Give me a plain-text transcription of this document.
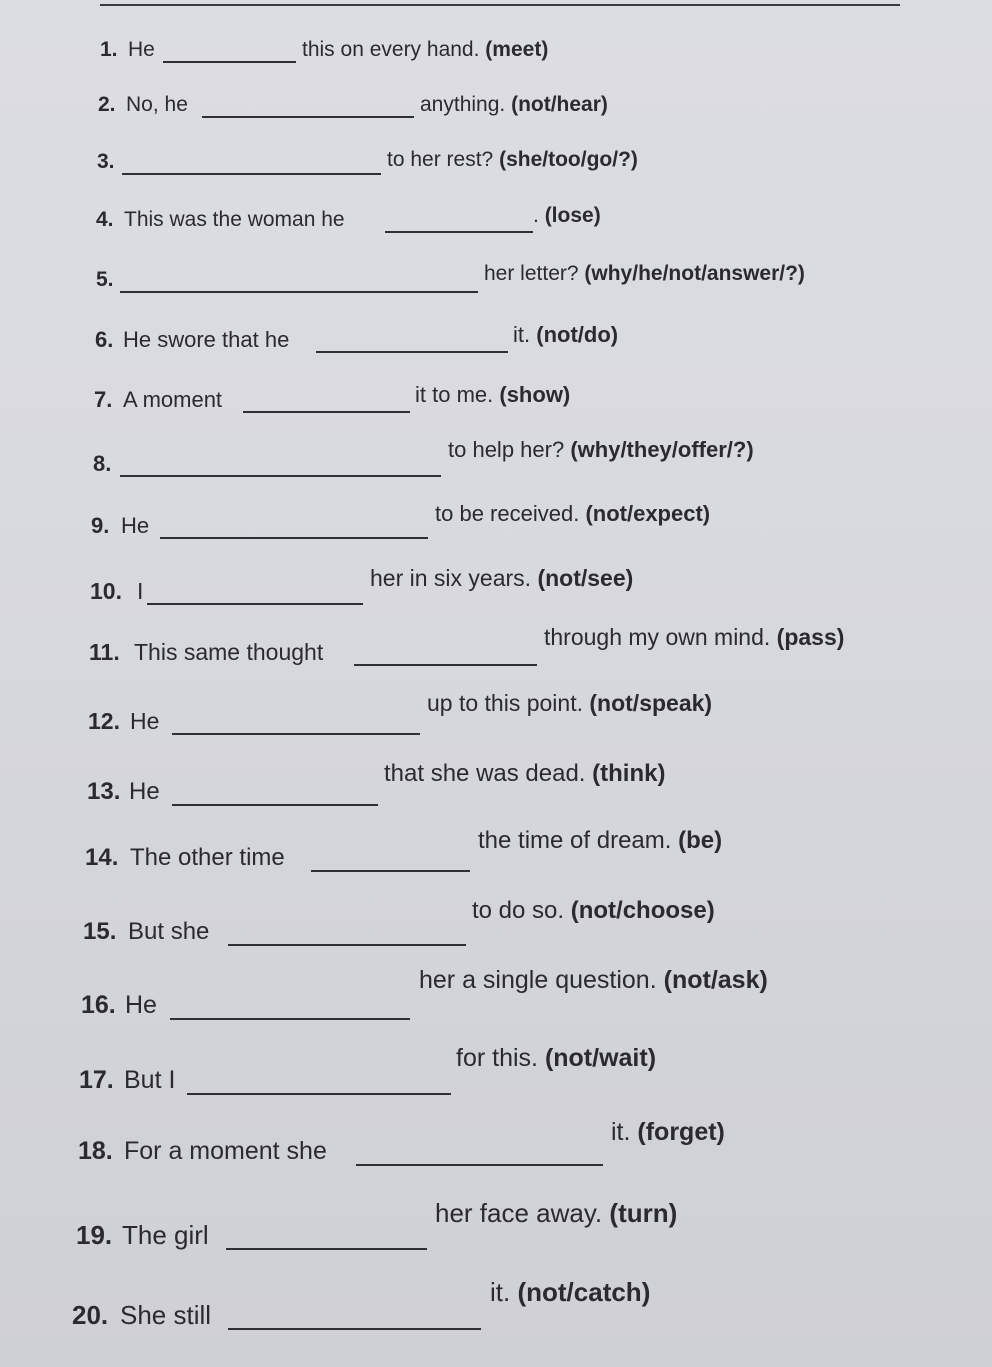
1. He	this on every hand. (meet)
2. No, he	anything. (not/hear)
3.	to her rest? (she/too/go/?)
4. This was the woman he	. (lose)
5.	her letter? (why/he/not/answer/?)
6. He swore that he	it. (not/do)
7. A moment	it to me. (show)
8.
to help her? (why/they/offer/?)
9. He	to be received. (not/expect)
10. I	her in six years. (not/see)
11. This same thought
through my own mind. (pass)
12. He
up to this point. (not/speak)
13. He
that she was dead. (think)
14. The other time
the time of dream. (be)
15. But she
to do so. (not/choose)
16. He
her a single question. (not/ask)
17. But I
for this. (not/wait)
18. For a moment she
it. (forget)
19. The girl
her face away. (turn)
20. She still
it. (not/catch)
